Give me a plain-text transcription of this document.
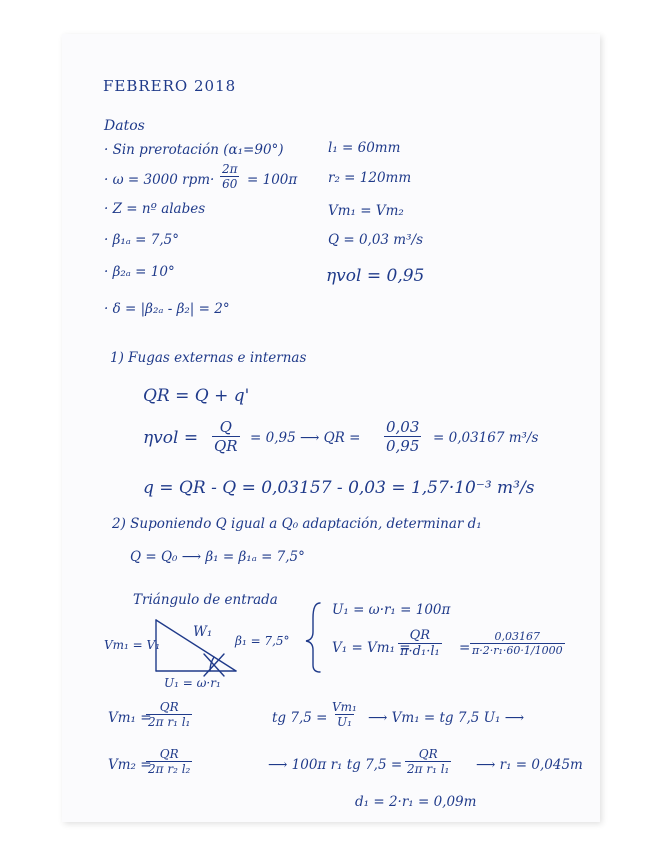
FEBRERO 2018
Datos
· Sin prerotación (α₁=90°)
· ω = 3000 $rpm\cdot \frac{2\pi}{60} = 100\pi$
· Z = nº alabes
· β₁ₐ = 7,5°
· β₂ₐ = 10°
· δ = |β₂ₐ - β₂| = 2°
l₁ = 60mm
r₂ = 120mm
Vm₁ = Vm₂
Q = 0,03 m³/s
ηvol = 0,95
1) Fugas externas e internas
QR = Q + q'
$\eta vol = \frac{Q}{QR} = 0,95$ ⟶ QR = $\frac{0,03}{0,95} = 0,03167$ m³/s
q = QR - Q = 0,03157 - 0,03 = 1,57·10⁻³ m³/s
2) Suponiendo Q igual a Q₀ adaptación, determinar d₁
Q = Q₀ ⟶ β₁ = β₁ₐ = 7,5°
Triángulo de entrada
W₁
β₁ = 7,5°
Vm₁ = V₁
U₁ = ω·r₁
U₁ = ω·r₁ = 100π
V₁ = Vm₁ =
$\frac{QR}{\text{π·d₁·l₁}} = \frac{0,03167}{\text{π·2·r₁·60·1/1000}}$
Vm₁ =
$\frac{QR}{\text{2π r₁ l₁}}$
Vm₂ =
$\frac{QR}{\text{2π r₂ l₂}}$
tg $7,5 = \frac{\text{Vm₁}}{\text{U₁}}$ ⟶ Vm₁ = tg 7,5 U₁ ⟶
⟶ 100π r₁ tg $7,5 = \frac{QR}{\text{2π r₁ l₁}}$ ⟶ r₁ = 0,045m
d₁ = 2·r₁ = 0,09m
